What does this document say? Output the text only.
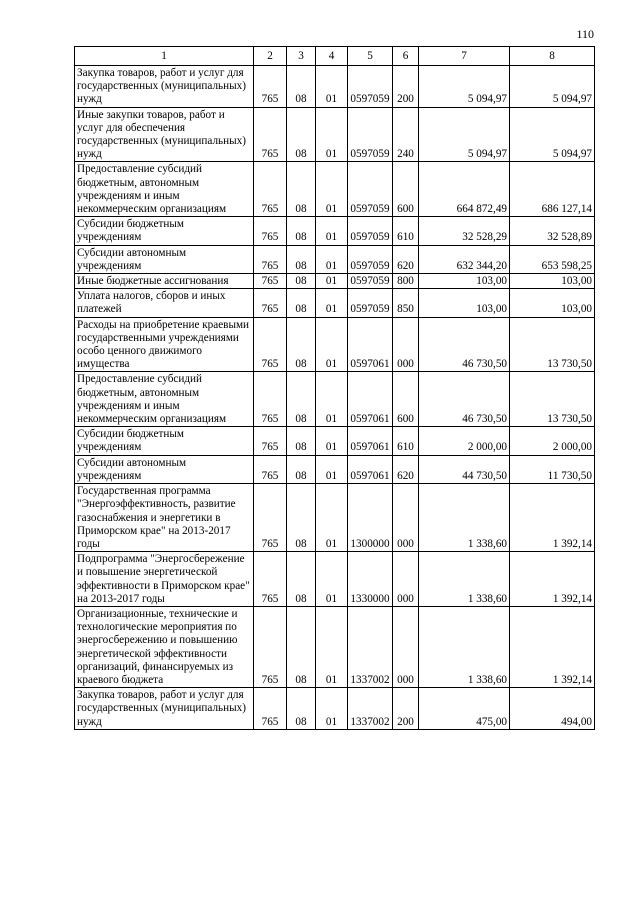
110
1	2	3	4	5	6	7	8
Закупка товаров, работ и услуг для государственных (муниципальных) нужд	765	08	01	0597059	200	5 094,97	5 094,97
Иные закупки товаров, работ и услуг для обеспечения государственных (муниципальных) нужд	765	08	01	0597059	240	5 094,97	5 094,97
Предоставление субсидий бюджетным, автономным учреждениям и иным некоммерческим организациям	765	08	01	0597059	600	664 872,49	686 127,14
Субсидии бюджетным учреждениям	765	08	01	0597059	610	32 528,29	32 528,89
Субсидии автономным учреждениям	765	08	01	0597059	620	632 344,20	653 598,25
Иные бюджетные ассигнования	765	08	01	0597059	800	103,00	103,00
Уплата налогов, сборов и иных платежей	765	08	01	0597059	850	103,00	103,00
Расходы на приобретение краевыми государственными учреждениями особо ценного движимого имущества	765	08	01	0597061	000	46 730,50	13 730,50
Предоставление субсидий бюджетным, автономным учреждениям и иным некоммерческим организациям	765	08	01	0597061	600	46 730,50	13 730,50
Субсидии бюджетным учреждениям	765	08	01	0597061	610	2 000,00	2 000,00
Субсидии автономным учреждениям	765	08	01	0597061	620	44 730,50	11 730,50
Государственная программа "Энергоэффективность, развитие газоснабжения и энергетики в Приморском крае" на 2013-2017 годы	765	08	01	1300000	000	1 338,60	1 392,14
Подпрограмма "Энергосбережение и повышение энергетической эффективности в Приморском крае" на 2013-2017 годы	765	08	01	1330000	000	1 338,60	1 392,14
Организационные, технические и технологические мероприятия по энергосбережению и повышению энергетической эффективности организаций, финансируемых из краевого бюджета	765	08	01	1337002	000	1 338,60	1 392,14
Закупка товаров, работ и услуг для государственных (муниципальных) нужд	765	08	01	1337002	200	475,00	494,00
